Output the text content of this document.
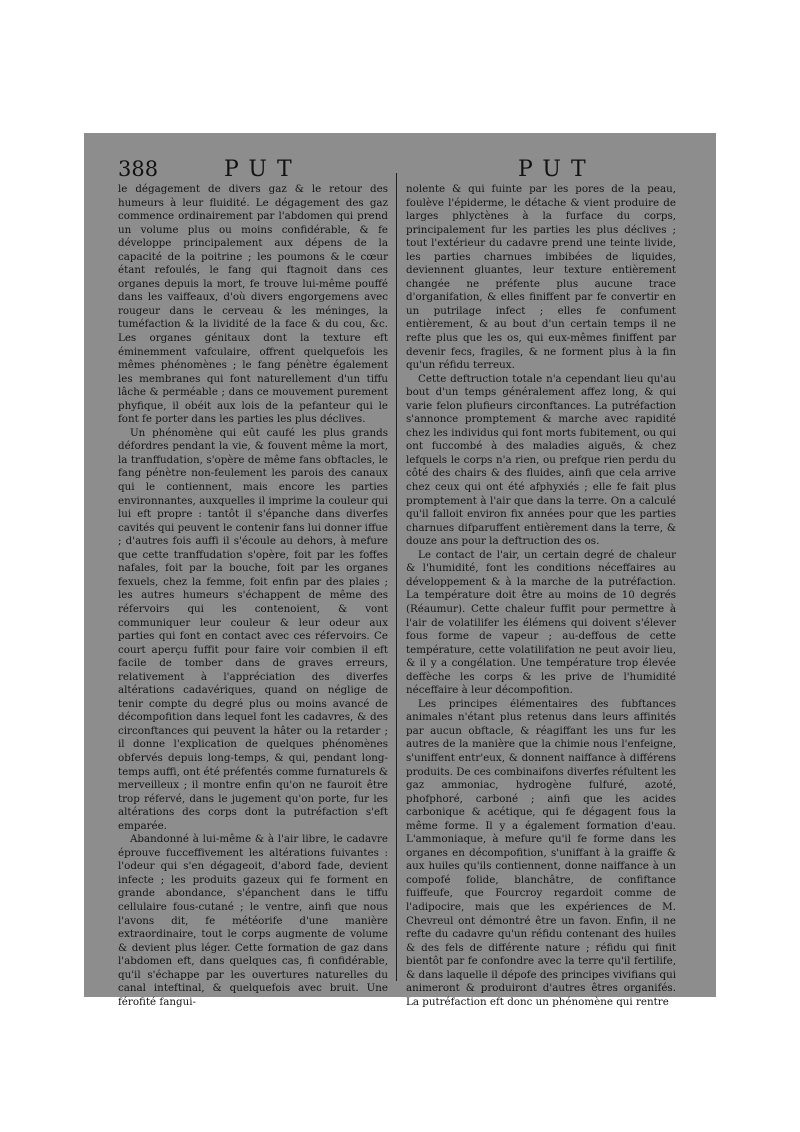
388	PUT	PUT

le dégagement de divers gaz & le retour des humeurs à leur fluidité. Le dégagement des gaz commence ordinairement par l'abdomen qui prend un volume plus ou moins confidérable, & fe développe principalement aux dépens de la capacité de la poitrine ; les poumons & le cœur étant refoulés, le fang qui ftagnoit dans ces organes depuis la mort, fe trouve lui-même pouffé dans les vaiffeaux, d'où divers engorgemens avec rougeur dans le cerveau & les méninges, la tuméfaction & la lividité de la face & du cou, &c. Les organes génitaux dont la texture eft éminemment vafculaire, offrent quelquefois les mêmes phénomènes ; le fang pénètre également les membranes qui font naturellement d'un tiffu lâche & perméable ; dans ce mouvement purement phyfique, il obéit aux lois de la pefanteur qui le font fe porter dans les parties les plus déclives.

Un phénomène qui eût caufé les plus grands défordres pendant la vie, & fouvent même la mort, la tranffudation, s'opère de même fans obftacles, le fang pénètre non-feulement les parois des canaux qui le contiennent, mais encore les parties environnantes, auxquelles il imprime la couleur qui lui eft propre : tantôt il s'épanche dans diverfes cavités qui peuvent le contenir fans lui donner iffue ; d'autres fois auffi il s'écoule au dehors, à mefure que cette tranffudation s'opère, foit par les foffes nafales, foit par la bouche, foit par les organes fexuels, chez la femme, foit enfin par des plaies ; les autres humeurs s'échappent de même des réfervoirs qui les contenoient, & vont communiquer leur couleur & leur odeur aux parties qui font en contact avec ces réfervoirs. Ce court aperçu fuffit pour faire voir combien il eft facile de tomber dans de graves erreurs, relativement à l'appréciation des diverfes altérations cadavériques, quand on néglige de tenir compte du degré plus ou moins avancé de décompofition dans lequel font les cadavres, & des circonftances qui peuvent la hâter ou la retarder ; il donne l'explication de quelques phénomènes obfervés depuis long-temps, & qui, pendant long-temps auffi, ont été préfentés comme furnaturels & merveilleux ; il montre enfin qu'on ne fauroit être trop réfervé, dans le jugement qu'on porte, fur les altérations des corps dont la putréfaction s'eft emparée.

Abandonné à lui-même & à l'air libre, le cadavre éprouve fucceffivement les altérations fuivantes : l'odeur qui s'en dégageoit, d'abord fade, devient infecte ; les produits gazeux qui fe forment en grande abondance, s'épanchent dans le tiffu cellulaire fous-cutané ; le ventre, ainfi que nous l'avons dit, fe météorife d'une manière extraordinaire, tout le corps augmente de volume & devient plus léger. Cette formation de gaz dans l'abdomen eft, dans quelques cas, fi confidérable, qu'il s'échappe par les ouvertures naturelles du canal inteftinal, & quelquefois avec bruit. Une férofité fangui-

nolente & qui fuinte par les pores de la peau, foulève l'épiderme, le détache & vient produire de larges phlyctènes à la furface du corps, principalement fur les parties les plus déclives ; tout l'extérieur du cadavre prend une teinte livide, les parties charnues imbibées de liquides, deviennent gluantes, leur texture entièrement changée ne préfente plus aucune trace d'organifation, & elles finiffent par fe convertir en un putrilage infect ; elles fe confument entièrement, & au bout d'un certain temps il ne refte plus que les os, qui eux-mêmes finiffent par devenir fecs, fragiles, & ne forment plus à la fin qu'un réfidu terreux.

Cette deftruction totale n'a cependant lieu qu'au bout d'un temps généralement affez long, & qui varie felon plufieurs circonftances. La putréfaction s'annonce promptement & marche avec rapidité chez les individus qui font morts fubitement, ou qui ont fuccombé à des maladies aiguës, & chez lefquels le corps n'a rien, ou prefque rien perdu du côté des chairs & des fluides, ainfi que cela arrive chez ceux qui ont été afphyxiés ; elle fe fait plus promptement à l'air que dans la terre. On a calculé qu'il falloit environ fix années pour que les parties charnues difparuffent entièrement dans la terre, & douze ans pour la deftruction des os.

Le contact de l'air, un certain degré de chaleur & l'humidité, font les conditions néceffaires au développement & à la marche de la putréfaction. La température doit être au moins de 10 degrés (Réaumur). Cette chaleur fuffit pour permettre à l'air de volatilifer les élémens qui doivent s'élever fous forme de vapeur ; au-deffous de cette température, cette volatilifation ne peut avoir lieu, & il y a congélation. Une température trop élevée deffèche les corps & les prive de l'humidité néceffaire à leur décompofition.

Les principes élémentaires des fubftances animales n'étant plus retenus dans leurs affinités par aucun obftacle, & réagiffant les uns fur les autres de la manière que la chimie nous l'enfeigne, s'uniffent entr'eux, & donnent naiffance à différens produits. De ces combinaifons diverfes réfultent les gaz ammoniac, hydrogène fulfuré, azoté, phofphoré, carboné ; ainfi que les acides carbonique & acétique, qui fe dégagent fous la même forme. Il y a également formation d'eau. L'ammoniaque, à mefure qu'il fe forme dans les organes en décompofition, s'uniffant à la graiffe & aux huiles qu'ils contiennent, donne naiffance à un compofé folide, blanchâtre, de confiftance fuiffeufe, que Fourcroy regardoit comme de l'adipocire, mais que les expériences de M. Chevreul ont démontré être un favon. Enfin, il ne refte du cadavre qu'un réfidu contenant des huiles & des fels de différente nature ; réfidu qui finit bientôt par fe confondre avec la terre qu'il fertilife, & dans laquelle il dépofe des principes vivifians qui animeront & produiront d'autres êtres organifés. La putréfaction eft donc un phénomène qui rentre
